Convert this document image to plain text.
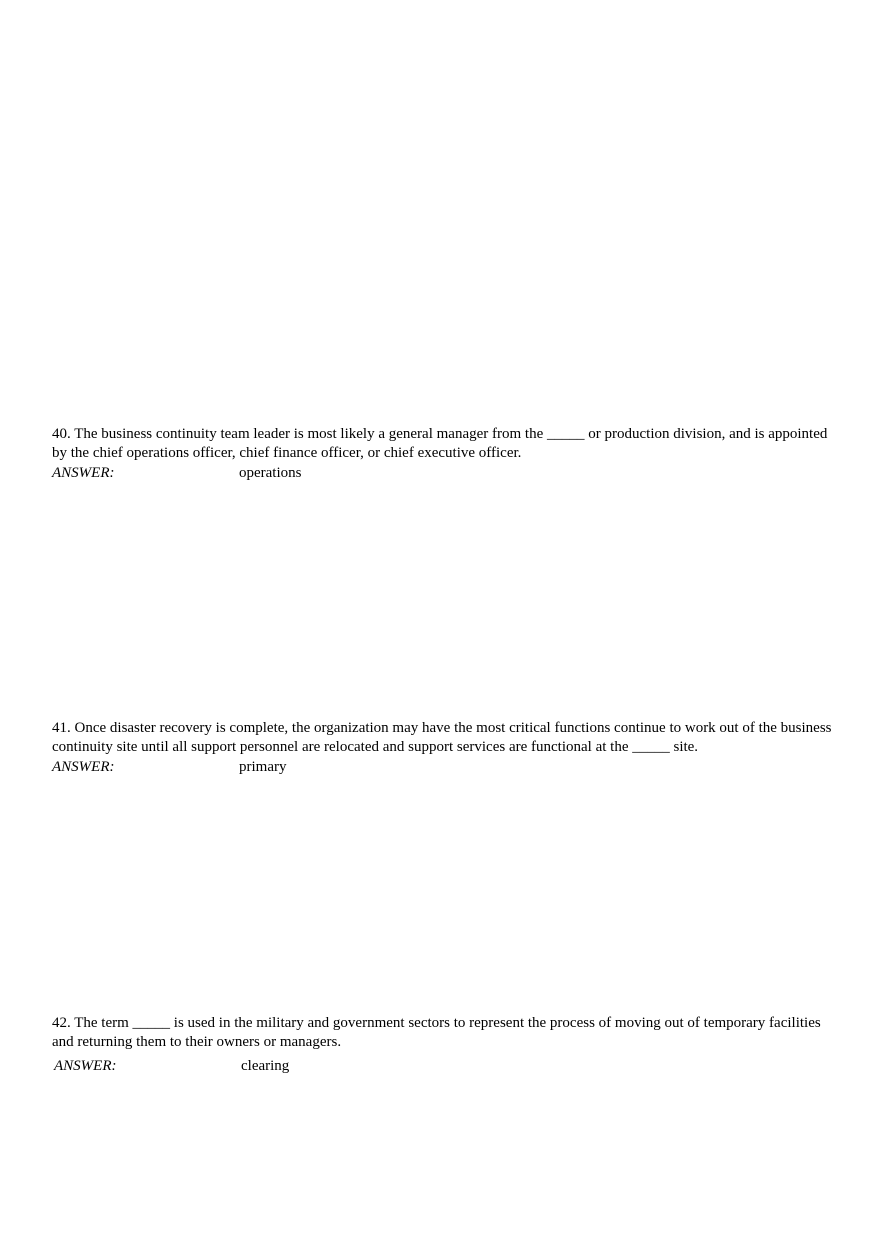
40. The business continuity team leader is most likely a general manager from the _____ or production division, and is appointed by the chief operations officer, chief finance officer, or chief executive officer.

ANSWER:	operations

41. Once disaster recovery is complete, the organization may have the most critical functions continue to work out of the business continuity site until all support personnel are relocated and support services are functional at the _____ site.

ANSWER:	primary

42. The term _____ is used in the military and government sectors to represent the process of moving out of temporary facilities and returning them to their owners or managers.

ANSWER:	clearing
